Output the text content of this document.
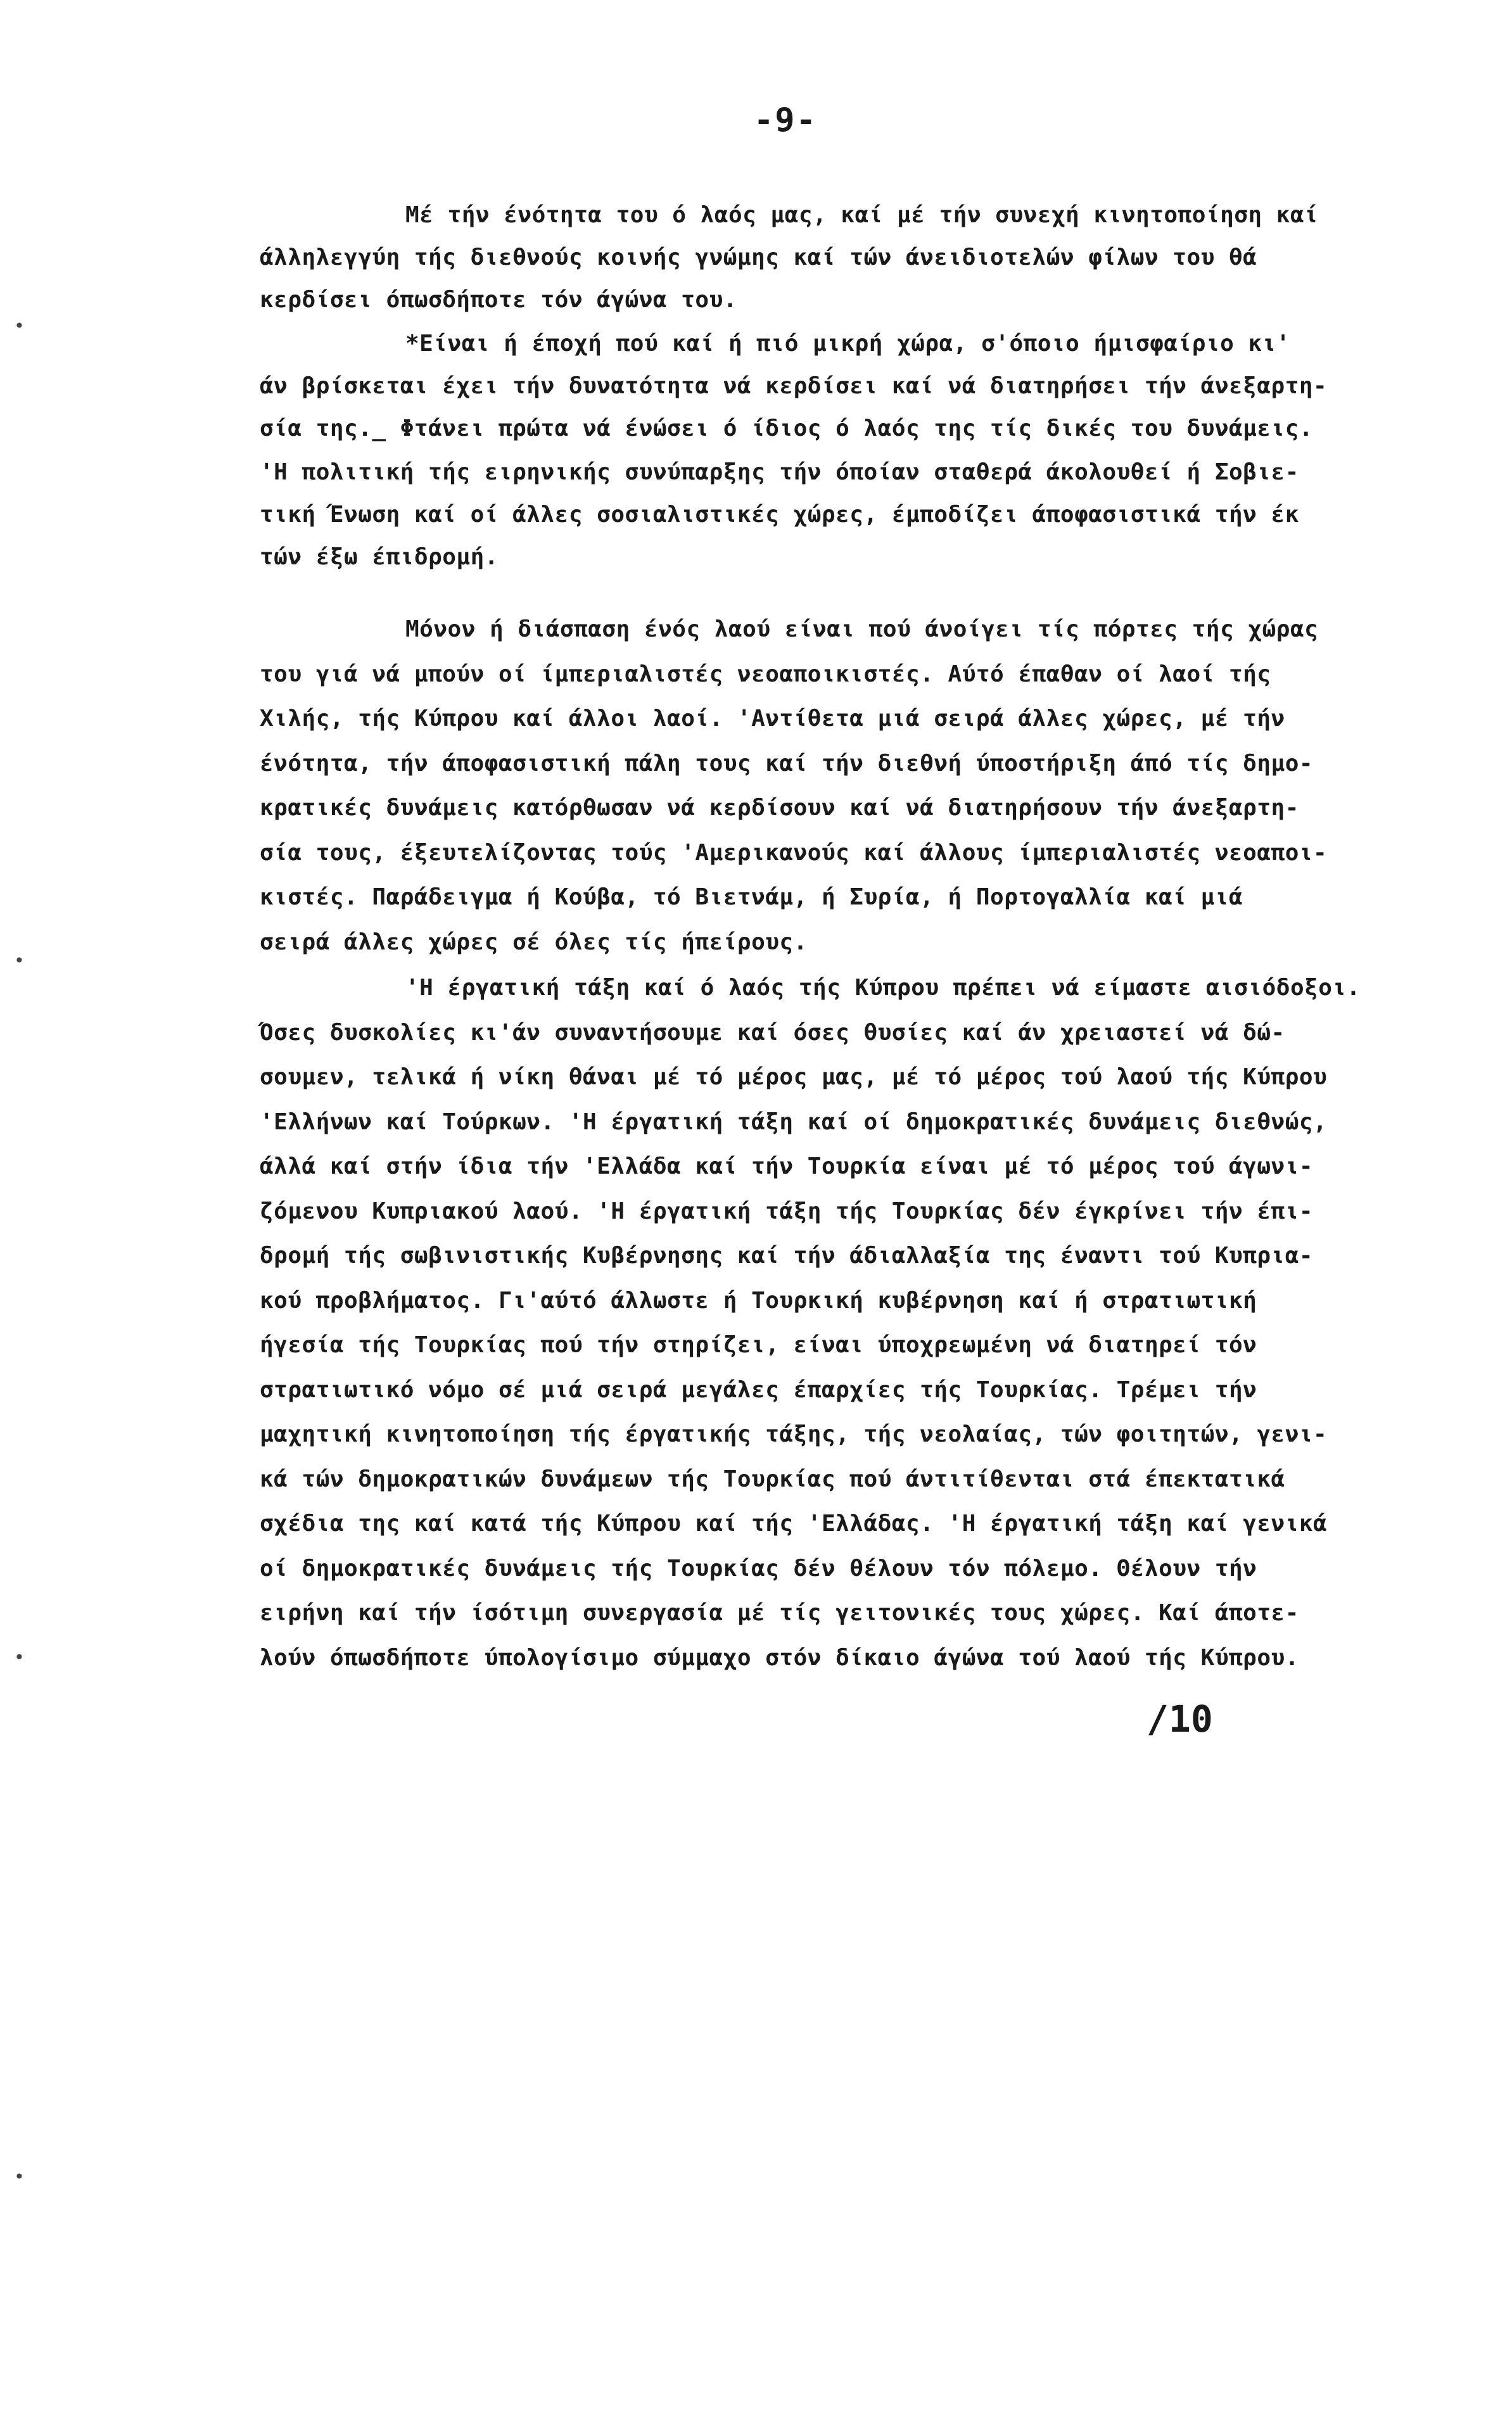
-9-
•
•
•
•
Μέ τήν ένότητα του ό λαός μας, καί μέ τήν συνεχή κινητοποίηση καί
άλληλεγγύη τής διεθνούς κοινής γνώμης καί τών άνειδιοτελών φίλων του θά
κερδίσει όπωσδήποτε τόν άγώνα του.
*Είναι ή έποχή πού καί ή πιό μικρή χώρα, σ'όποιο ήμισφαίριο κι'
άν βρίσκεται έχει τήν δυνατότητα νά κερδίσει καί νά διατηρήσει τήν άνεξαρτη-
σία της._ Φτάνει πρώτα νά ένώσει ό ίδιος ό λαός της τίς δικές του δυνάμεις.
'Η πολιτική τής ειρηνικής συνύπαρξης τήν όποίαν σταθερά άκολουθεί ή Σοβιε-
τική Ένωση καί οί άλλες σοσιαλιστικές χώρες, έμποδίζει άποφασιστικά τήν έκ
τών έξω έπιδρομή.
Μόνον ή διάσπαση ένός λαού είναι πού άνοίγει τίς πόρτες τής χώρας
του γιά νά μπούν οί ίμπεριαλιστές νεοαποικιστές. Αύτό έπαθαν οί λαοί τής
Χιλής, τής Κύπρου καί άλλοι λαοί. 'Αντίθετα μιά σειρά άλλες χώρες, μέ τήν
ένότητα, τήν άποφασιστική πάλη τους καί τήν διεθνή ύποστήριξη άπό τίς δημο-
κρατικές δυνάμεις κατόρθωσαν νά κερδίσουν καί νά διατηρήσουν τήν άνεξαρτη-
σία τους, έξευτελίζοντας τούς 'Αμερικανούς καί άλλους ίμπεριαλιστές νεοαποι-
κιστές. Παράδειγμα ή Κούβα, τό Βιετνάμ, ή Συρία, ή Πορτογαλλία καί μιά
σειρά άλλες χώρες σέ όλες τίς ήπείρους.
'Η έργατική τάξη καί ό λαός τής Κύπρου πρέπει νά είμαστε αισιόδοξοι.
Όσες δυσκολίες κι'άν συναντήσουμε καί όσες θυσίες καί άν χρειαστεί νά δώ-
σουμεν, τελικά ή νίκη θάναι μέ τό μέρος μας, μέ τό μέρος τού λαού τής Κύπρου
'Ελλήνων καί Τούρκων. 'Η έργατική τάξη καί οί δημοκρατικές δυνάμεις διεθνώς,
άλλά καί στήν ίδια τήν 'Ελλάδα καί τήν Τουρκία είναι μέ τό μέρος τού άγωνι-
ζόμενου Κυπριακού λαού. 'Η έργατική τάξη τής Τουρκίας δέν έγκρίνει τήν έπι-
δρομή τής σωβινιστικής Κυβέρνησης καί τήν άδιαλλαξία της έναντι τού Κυπρια-
κού προβλήματος. Γι'αύτό άλλωστε ή Τουρκική κυβέρνηση καί ή στρατιωτική
ήγεσία τής Τουρκίας πού τήν στηρίζει, είναι ύποχρεωμένη νά διατηρεί τόν
στρατιωτικό νόμο σέ μιά σειρά μεγάλες έπαρχίες τής Τουρκίας. Τρέμει τήν
μαχητική κινητοποίηση τής έργατικής τάξης, τής νεολαίας, τών φοιτητών, γενι-
κά τών δημοκρατικών δυνάμεων τής Τουρκίας πού άντιτίθενται στά έπεκτατικά
σχέδια της καί κατά τής Κύπρου καί τής 'Ελλάδας. 'Η έργατική τάξη καί γενικά
οί δημοκρατικές δυνάμεις τής Τουρκίας δέν θέλουν τόν πόλεμο. Θέλουν τήν
ειρήνη καί τήν ίσότιμη συνεργασία μέ τίς γειτονικές τους χώρες. Καί άποτε-
λούν όπωσδήποτε ύπολογίσιμο σύμμαχο στόν δίκαιο άγώνα τού λαού τής Κύπρου.
/10
